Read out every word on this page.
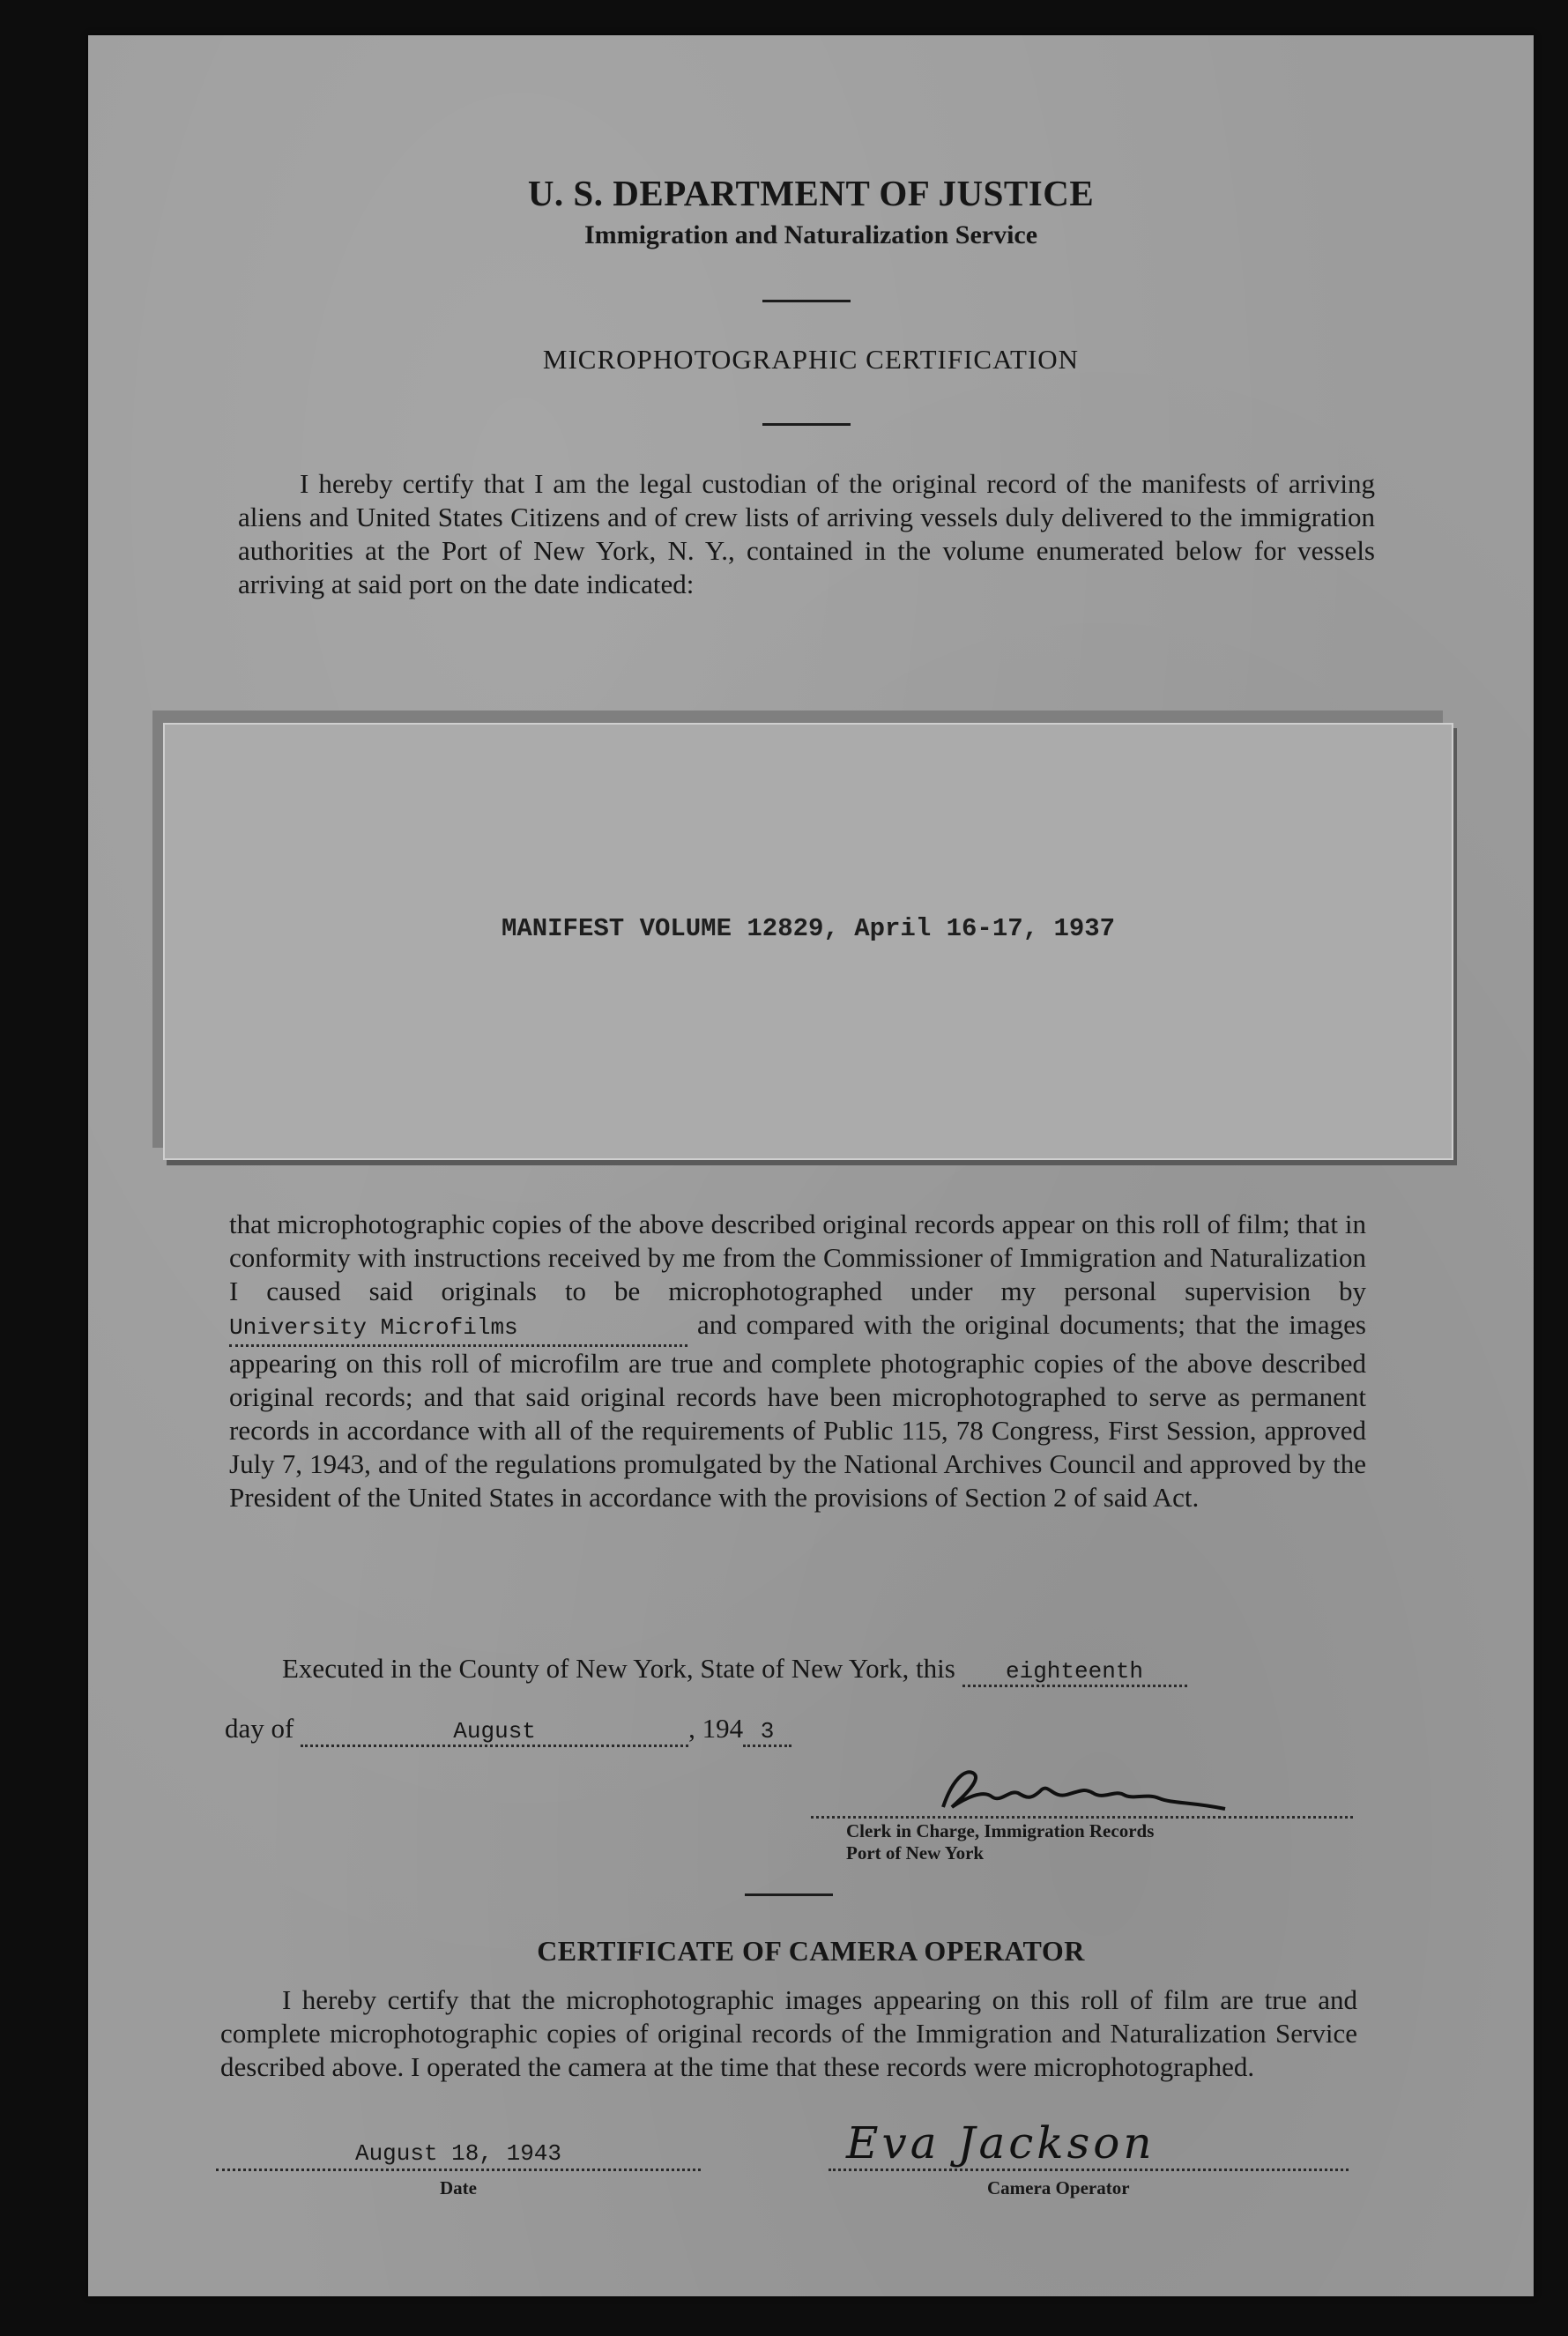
U. S. DEPARTMENT OF JUSTICE
Immigration and Naturalization Service
MICROPHOTOGRAPHIC CERTIFICATION
I hereby certify that I am the legal custodian of the original record of the manifests of arriving aliens and United States Citizens and of crew lists of arriving vessels duly delivered to the immigration authorities at the Port of New York, N. Y., contained in the volume enumerated below for vessels arriving at said port on the date indicated:
MANIFEST VOLUME 12829, April 16-17, 1937
that microphotographic copies of the above described original records appear on this roll of film; that in conformity with instructions received by me from the Commissioner of Immigration and Naturalization I caused said originals to be microphotographed under my personal supervision by University Microfilms	and compared with the original documents; that the images appearing on this roll of microfilm are true and complete photographic copies of the above described original records; and that said original records have been microphotographed to serve as permanent records in accordance with all of the requirements of Public 115, 78 Congress, First Session, approved July 7, 1943, and of the regulations promulgated by the National Archives Council and approved by the President of the United States in accordance with the provisions of Section 2 of said Act.
Executed in the County of New York, State of New York, this eighteenth
day of	August	, 194 3
Clerk in Charge, Immigration Records
Port of New York
CERTIFICATE OF CAMERA OPERATOR
I hereby certify that the microphotographic images appearing on this roll of film are true and complete microphotographic copies of original records of the Immigration and Naturalization Service described above. I operated the camera at the time that these records were microphotographed.
August 18, 1943
Date
Eva Jackson
Camera Operator
